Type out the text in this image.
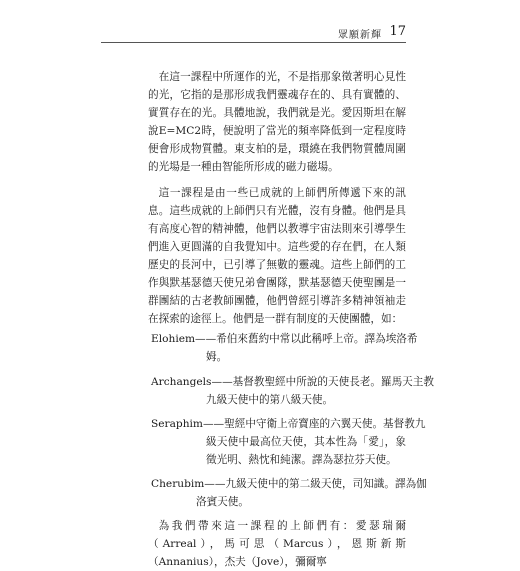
眾願新輝 17

在這一課程中所運作的光，不是指那象徵著明心見性的光，它指的是那形成我們靈魂存在的、具有實體的、實質存在的光。具體地說，我們就是光。愛因斯坦在解說E=MC2時，便說明了當光的頻率降低到一定程度時便會形成物質體。東支柏的是，環繞在我們物質體周圍的光場是一種由智能所形成的磁力磁場。

這一課程是由一些已成就的上師們所傳遞下來的訊息。這些成就的上師們只有光體，沒有身體。他們是具有高度心智的精神體，他們以教導宇宙法則來引導學生們進入更圓滿的自我覺知中。這些愛的存在們，在人類歷史的長河中，已引導了無數的靈魂。這些上師們的工作與默基瑟德天使兄弟會團隊，默基瑟德天使聖團是一群團結的古老教師團體，他們曾經引導許多精神領袖走在探索的途徑上。他們是一群有制度的天使團體，如：

Elohiem——希伯來舊約中常以此稱呼上帝。譯為埃洛希
姆。
Archangels——基督教聖經中所說的天使長老。羅馬天主教
九級天使中的第八級天使。
Seraphim——聖經中守衛上帝寶座的六翼天使。基督教九
級天使中最高位天使，其本性為「愛」，象徵光明、熱忱和純潔。譯為瑟拉芬天使。
Cherubim——九級天使中的第二級天使，司知識。譯為伽
洛賓天使。

為我們帶來這一課程的上師們有：愛瑟瑞爾（Arreal），馬可思（Marcus），恩斯新斯（Annanius），杰夫（Jove），彌爾寧
